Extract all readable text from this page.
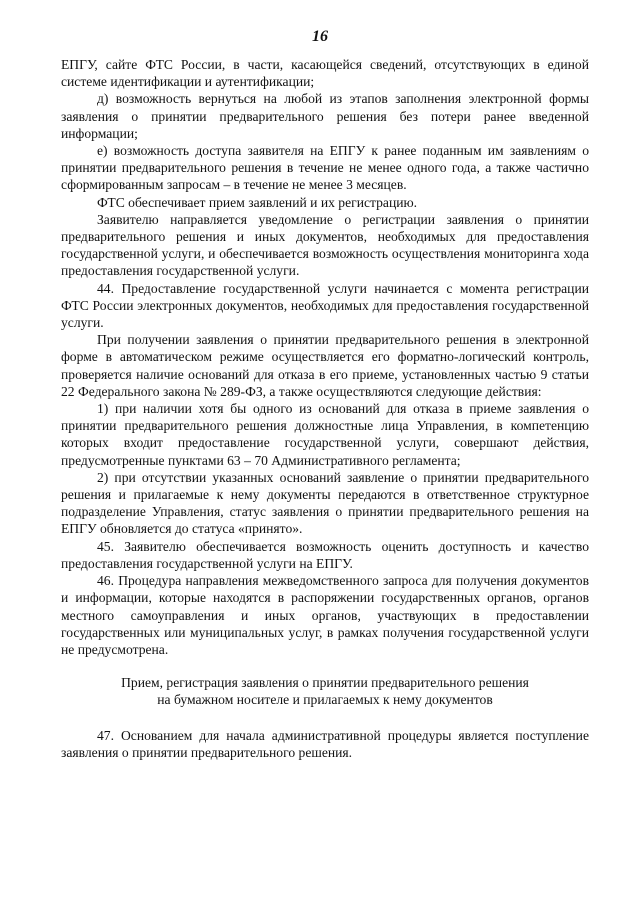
16

ЕПГУ, сайте ФТС России, в части, касающейся сведений, отсутствующих в единой системе идентификации и аутентификации;

д) возможность вернуться на любой из этапов заполнения электронной формы заявления о принятии предварительного решения без потери ранее введенной информации;

е) возможность доступа заявителя на ЕПГУ к ранее поданным им заявлениям о принятии предварительного решения в течение не менее одного года, а также частично сформированным запросам – в течение не менее 3 месяцев.

ФТС обеспечивает прием заявлений и их регистрацию.

Заявителю направляется уведомление о регистрации заявления о принятии предварительного решения и иных документов, необходимых для предоставления государственной услуги, и обеспечивается возможность осуществления мониторинга хода предоставления государственной услуги.

44. Предоставление государственной услуги начинается с момента регистрации ФТС России электронных документов, необходимых для предоставления государственной услуги.

При получении заявления о принятии предварительного решения в электронной форме в автоматическом режиме осуществляется его форматно-логический контроль, проверяется наличие оснований для отказа в его приеме, установленных частью 9 статьи 22 Федерального закона № 289-ФЗ, а также осуществляются следующие действия:

1) при наличии хотя бы одного из оснований для отказа в приеме заявления о принятии предварительного решения должностные лица Управления, в компетенцию которых входит предоставление государственной услуги, совершают действия, предусмотренные пунктами 63 – 70 Административного регламента;

2) при отсутствии указанных оснований заявление о принятии предварительного решения и прилагаемые к нему документы передаются в ответственное структурное подразделение Управления, статус заявления о принятии предварительного решения на ЕПГУ обновляется до статуса «принято».

45. Заявителю обеспечивается возможность оценить доступность и качество предоставления государственной услуги на ЕПГУ.

46. Процедура направления межведомственного запроса для получения документов и информации, которые находятся в распоряжении государственных органов, органов местного самоуправления и иных органов, участвующих в предоставлении государственных или муниципальных услуг, в рамках получения государственной услуги не предусмотрена.

Прием, регистрация заявления о принятии предварительного решения
на бумажном носителе и прилагаемых к нему документов

47. Основанием для начала административной процедуры является поступление заявления о принятии предварительного решения.
